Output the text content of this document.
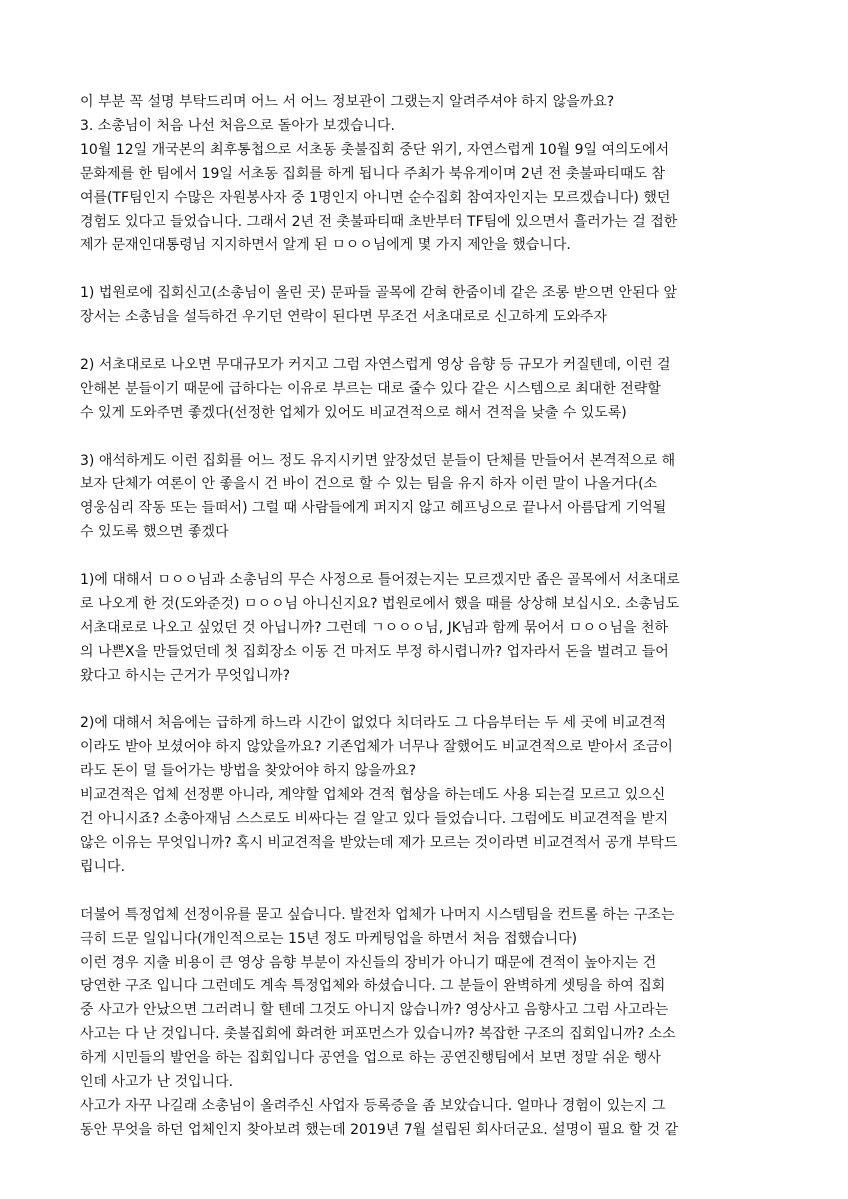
이 부분 꼭 설명 부탁드리며 어느 서 어느 정보관이 그랬는지 알려주셔야 하지 않을까요?
3. 소총님이 처음 나선 처음으로 돌아가 보겠습니다.
10월 12일 개국본의 최후통첩으로 서초동 촛불집회 중단 위기, 자연스럽게 10월 9일 여의도에서
문화제를 한 팀에서 19일 서초동 집회를 하게 됩니다 주최가 북유게이며 2년 전 촛불파티때도 참
여를(TF팀인지 수많은 자원봉사자 중 1명인지 아니면 순수집회 참여자인지는 모르겠습니다) 했던
경험도 있다고 들었습니다. 그래서 2년 전 촛불파티때 초반부터 TF팀에 있으면서 흘러가는 걸 접한
제가 문재인대통령님 지지하면서 알게 된 ㅁㅇㅇ님에게 몇 가지 제안을 했습니다.
1) 법원로에 집회신고(소총님이 올린 곳) 문파들 골목에 갇혀 한줌이네 같은 조롱 받으면 안된다 앞
장서는 소총님을 설득하건 우기던 연락이 된다면 무조건 서초대로로 신고하게 도와주자
2) 서초대로로 나오면 무대규모가 커지고 그럼 자연스럽게 영상 음향 등 규모가 커질텐데, 이런 걸
안해본 분들이기 때문에 급하다는 이유로 부르는 대로 줄수 있다 같은 시스템으로 최대한 전략할
수 있게 도와주면 좋겠다(선정한 업체가 있어도 비교견적으로 해서 견적을 낮출 수 있도록)
3) 애석하게도 이런 집회를 어느 정도 유지시키면 앞장섰던 분들이 단체를 만들어서 본격적으로 해
보자 단체가 여론이 안 좋을시 건 바이 건으로 할 수 있는 팀을 유지 하자 이런 말이 나올거다(소
영웅심리 작동 또는 들떠서) 그럴 때 사람들에게 퍼지지 않고 헤프닝으로 끝나서 아름답게 기억될
수 있도록 했으면 좋겠다
1)에 대해서 ㅁㅇㅇ님과 소총님의 무슨 사정으로 틀어졌는지는 모르겠지만 좁은 골목에서 서초대로
로 나오게 한 것(도와준것) ㅁㅇㅇ님 아니신지요? 법원로에서 했을 때를 상상해 보십시오. 소총님도
서초대로로 나오고 싶었던 것 아닙니까? 그런데 ㄱㅇㅇㅇ님, JK님과 함께 묶어서 ㅁㅇㅇ님을 천하
의 나쁜X을 만들었던데 첫 집회장소 이동 건 마저도 부정 하시렵니까? 업자라서 돈을 벌려고 들어
왔다고 하시는 근거가 무엇입니까?
2)에 대해서 처음에는 급하게 하느라 시간이 없었다 치더라도 그 다음부터는 두 세 곳에 비교견적
이라도 받아 보셨어야 하지 않았을까요? 기존업체가 너무나 잘했어도 비교견적으로 받아서 조금이
라도 돈이 덜 들어가는 방법을 찾았어야 하지 않을까요?
비교견적은 업체 선정뿐 아니라, 계약할 업체와 견적 협상을 하는데도 사용 되는걸 모르고 있으신
건 아니시죠? 소총아재님 스스로도 비싸다는 걸 알고 있다 들었습니다. 그럼에도 비교견적을 받지
않은 이유는 무엇입니까? 혹시 비교견적을 받았는데 제가 모르는 것이라면 비교견적서 공개 부탁드
립니다.
더불어 특정업체 선정이유를 묻고 싶습니다. 발전차 업체가 나머지 시스템팀을 컨트롤 하는 구조는
극히 드문 일입니다(개인적으로는 15년 정도 마케팅업을 하면서 처음 접했습니다)
이런 경우 지출 비용이 큰 영상 음향 부분이 자신들의 장비가 아니기 때문에 견적이 높아지는 건
당연한 구조 입니다 그런데도 계속 특정업체와 하셨습니다. 그 분들이 완벽하게 셋팅을 하여 집회
중 사고가 안났으면 그러려니 할 텐데 그것도 아니지 않습니까? 영상사고 음향사고 그럼 사고라는
사고는 다 난 것입니다. 촛불집회에 화려한 퍼포먼스가 있습니까? 복잡한 구조의 집회입니까? 소소
하게 시민들의 발언을 하는 집회입니다 공연을 업으로 하는 공연진행팀에서 보면 정말 쉬운 행사
인데 사고가 난 것입니다.
사고가 자꾸 나길래 소총님이 올려주신 사업자 등록증을 좀 보았습니다. 얼마나 경험이 있는지 그
동안 무엇을 하던 업체인지 찾아보려 했는데 2019년 7월 설립된 회사더군요. 설명이 필요 할 것 같
